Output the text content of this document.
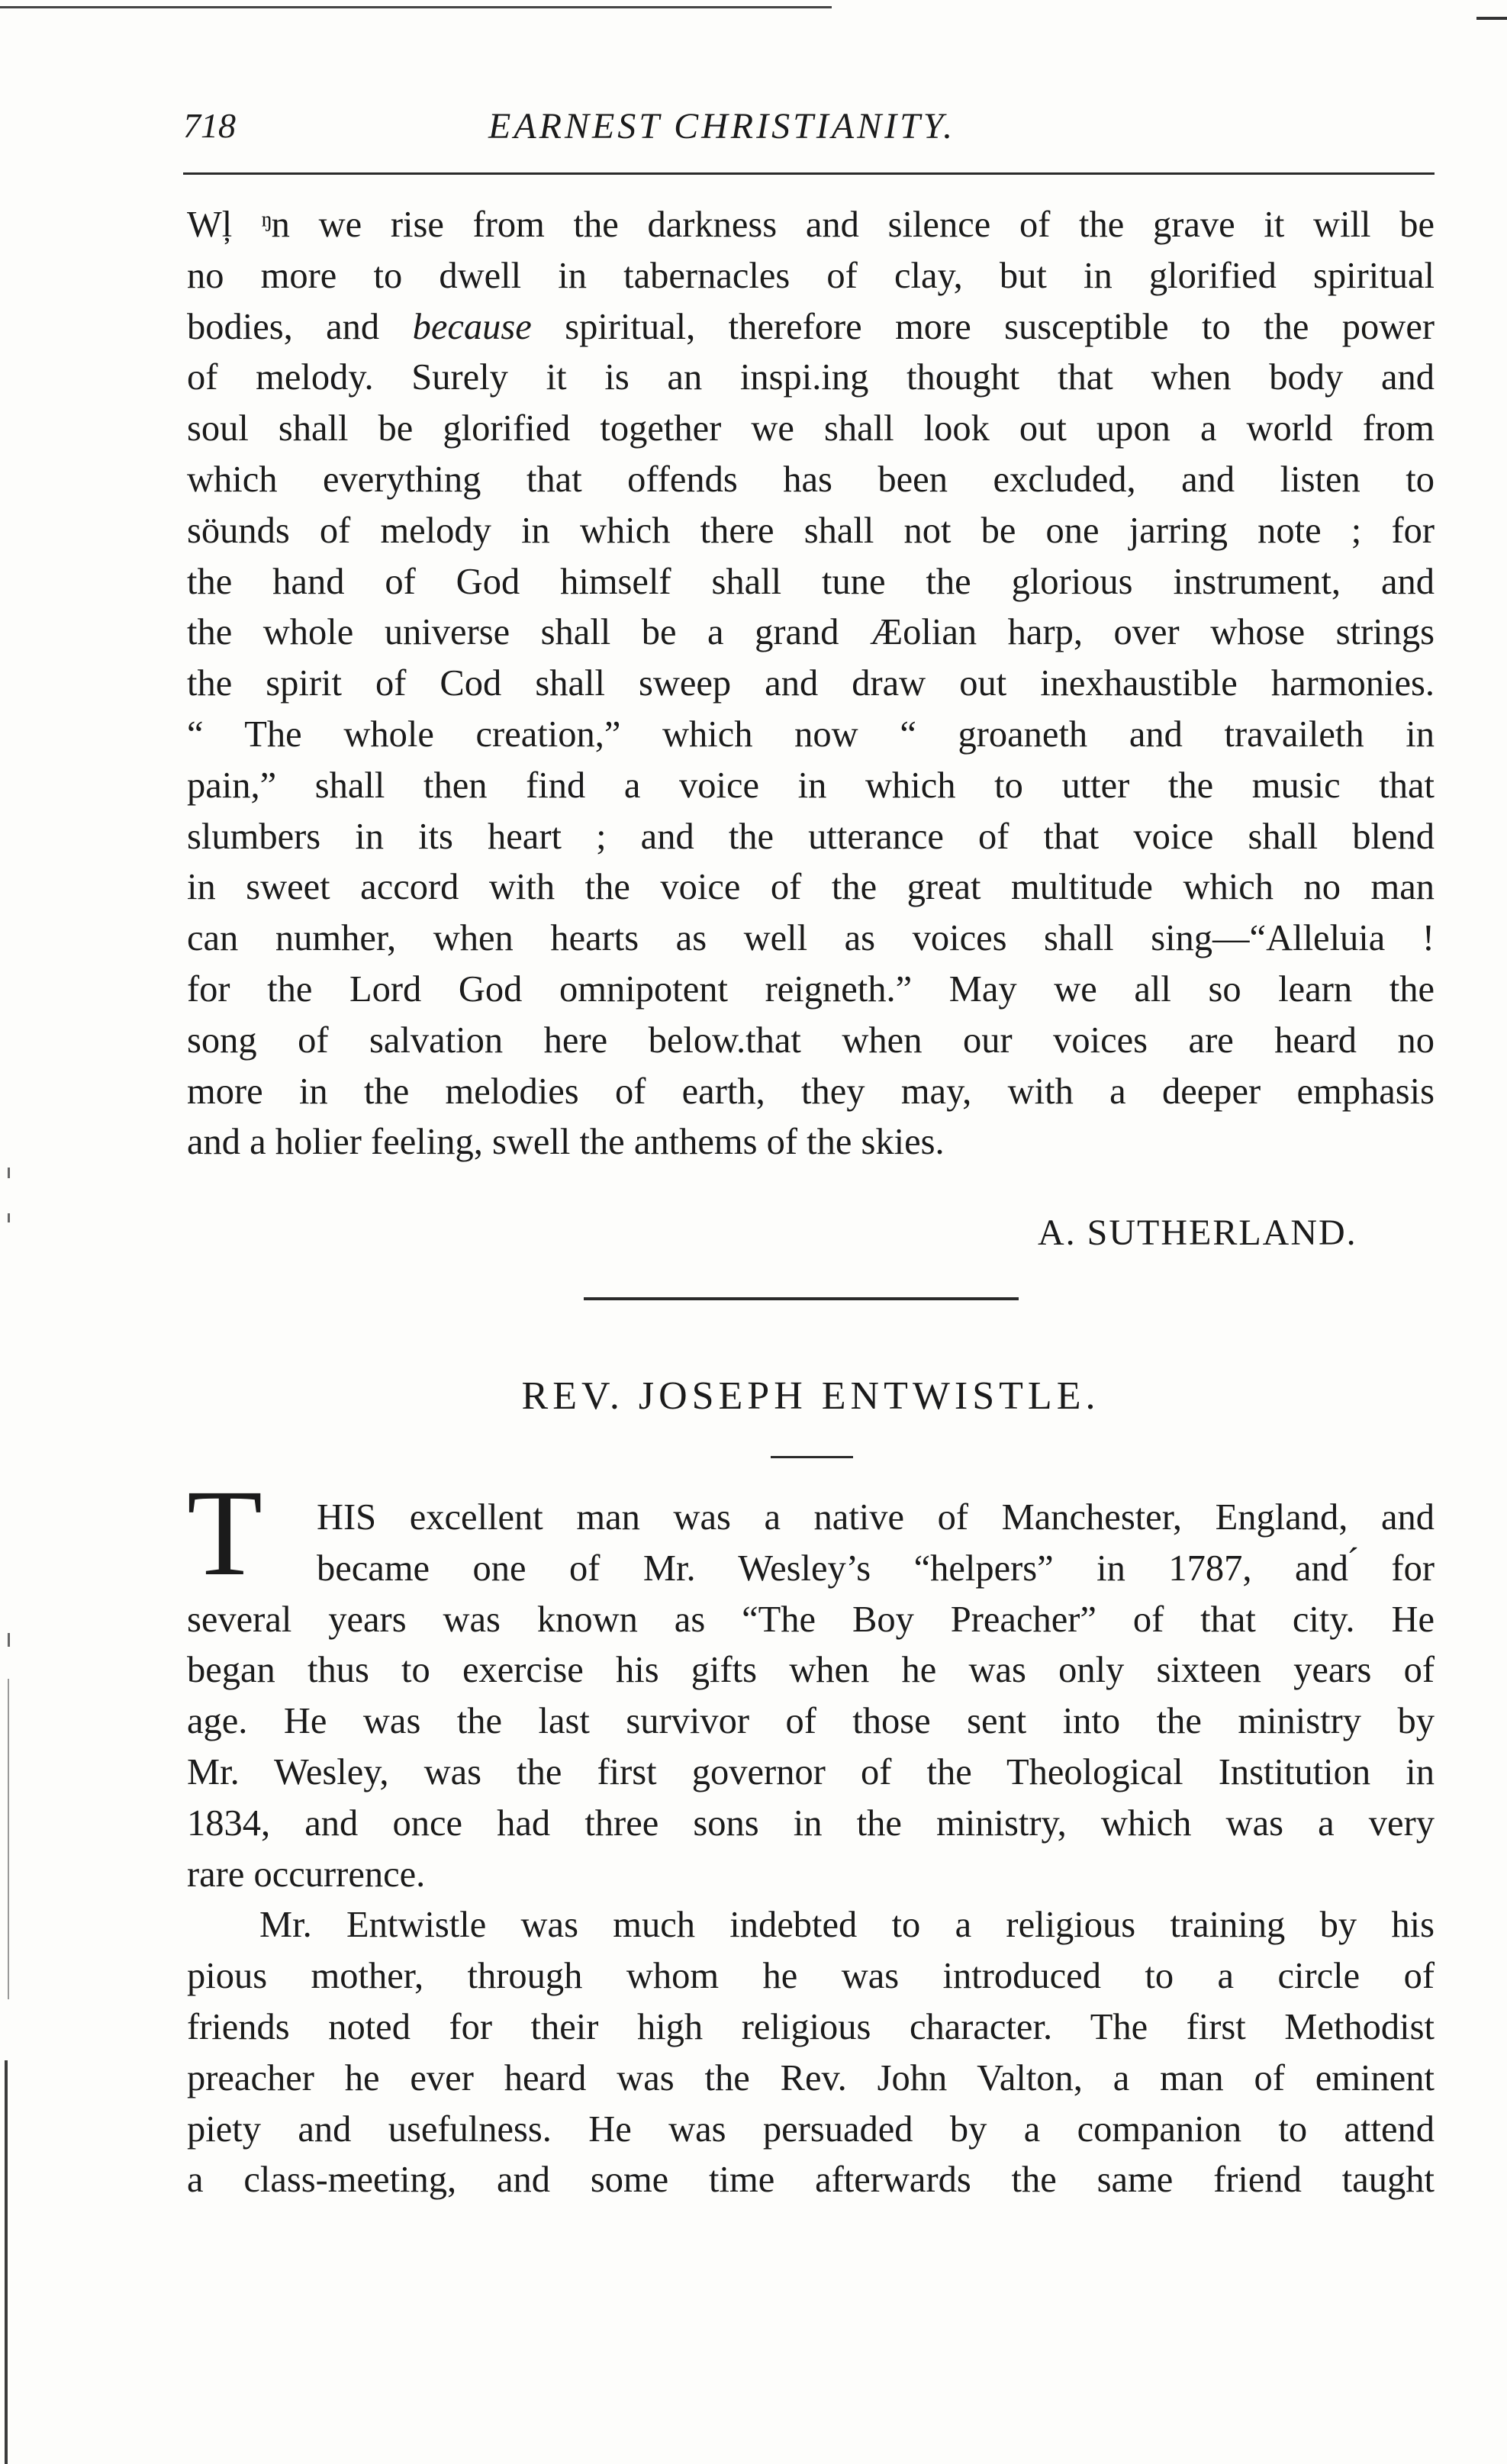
718	EARNEST CHRISTIANITY.
Wļ ᵑn we rise from the darkness and silence of the grave it will be
no more to dwell in tabernacles of clay, but in glorified spiritual
bodies, and because spiritual, therefore more susceptible to the power
of melody. Surely it is an inspi.ing thought that when body and
soul shall be glorified together we shall look out upon a world from
which everything that offends has been excluded, and listen to
söunds of melody in which there shall not be one jarring note ; for
the hand of God himself shall tune the glorious instrument, and
the whole universe shall be a grand Æolian harp, over whose strings
the spirit of Cod shall sweep and draw out inexhaustible harmonies.
“ The whole creation,” which now “ groaneth and travaileth in
pain,” shall then find a voice in which to utter the music that
slumbers in its heart ; and the utterance of that voice shall blend
in sweet accord with the voice of the great multitude which no man
can numher, when hearts as well as voices shall sing—“Alleluia !
for the Lord God omnipotent reigneth.” May we all so learn the
song of salvation here below.that when our voices are heard no
more in the melodies of earth, they may, with a deeper emphasis
and a holier feeling, swell the anthems of the skies.
A. SUTHERLAND.
REV. JOSEPH ENTWISTLE.
T	HIS excellent man was a native of Manchester, England, and
became one of Mr. Wesley’s “helpers” in 1787, and ́for
several years was known as “The Boy Preacher” of that city. He
began thus to exercise his gifts when he was only sixteen years of
age. He was the last survivor of those sent into the ministry by
Mr. Wesley, was the first governor of the Theological Institution in
1834, and once had three sons in the ministry, which was a very
rare occurrence.
Mr. Entwistle was much indebted to a religious training by his
pious mother, through whom he was introduced to a circle of
friends noted for their high religious character. The first Methodist
preacher he ever heard was the Rev. John Valton, a man of eminent
piety and usefulness. He was persuaded by a companion to attend
a class-meeting, and some time afterwards the same friend taught
